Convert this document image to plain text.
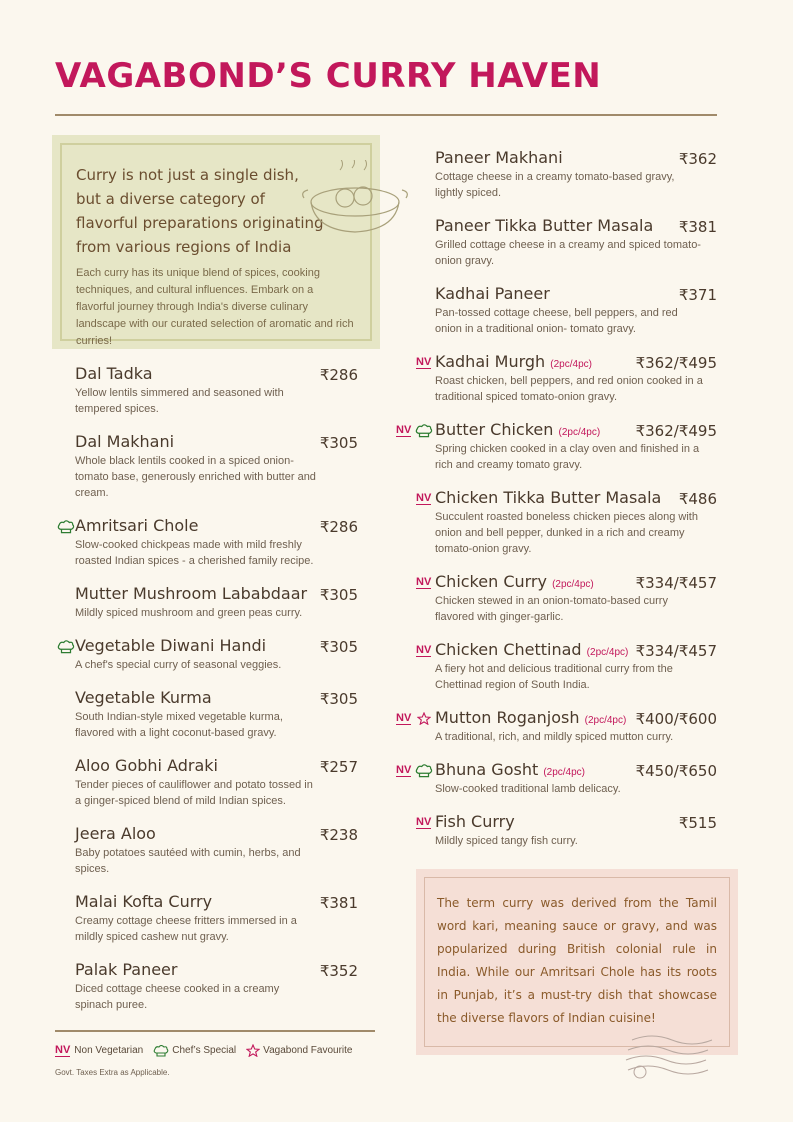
VAGABOND’S CURRY HAVEN
Curry is not just a single dish, but a diverse category of flavorful preparations originating from various regions of India
Each curry has its unique blend of spices, cooking techniques, and cultural influences. Embark on a flavorful journey through India's diverse culinary landscape with our curated selection of aromatic and rich curries!
Dal Tadka
Yellow lentils simmered and seasoned with tempered spices.
₹286
Dal Makhani
Whole black lentils cooked in a spiced onion-tomato base, generously enriched with butter and cream.
₹305
Amritsari Chole
Slow-cooked chickpeas made with mild freshly roasted Indian spices - a cherished family recipe.
₹286
Mutter Mushroom Lababdaar
Mildly spiced mushroom and green peas curry.
₹305
Vegetable Diwani Handi
A chef's special curry of seasonal veggies.
₹305
Vegetable Kurma
South Indian-style mixed vegetable kurma, flavored with a light coconut-based gravy.
₹305
Aloo Gobhi Adraki
Tender pieces of cauliflower and potato tossed in a ginger-spiced blend of mild Indian spices.
₹257
Jeera Aloo
Baby potatoes sautéed with cumin, herbs, and spices.
₹238
Malai Kofta Curry
Creamy cottage cheese fritters immersed in a mildly spiced cashew nut gravy.
₹381
Palak Paneer
Diced cottage cheese cooked in a creamy spinach puree.
₹352
Paneer Makhani
Cottage cheese in a creamy tomato-based gravy, lightly spiced.
₹362
Paneer Tikka Butter Masala
Grilled cottage cheese in a creamy and spiced tomato-onion gravy.
₹381
Kadhai Paneer
Pan-tossed cottage cheese, bell peppers, and red onion in a traditional onion- tomato gravy.
₹371
Kadhai Murgh (2pc/4pc)
Roast chicken, bell peppers, and red onion cooked in a traditional spiced tomato-onion gravy.
₹362/₹495
NV
Butter Chicken (2pc/4pc)
Spring chicken cooked in a clay oven and finished in a rich and creamy tomato gravy.
₹362/₹495
NV
Chicken Tikka Butter Masala
Succulent roasted boneless chicken pieces along with onion and bell pepper, dunked in a rich and creamy tomato-onion gravy.
₹486
NV
Chicken Curry (2pc/4pc)
Chicken stewed in an onion-tomato-based curry flavored with ginger-garlic.
₹334/₹457
NV
Chicken Chettinad (2pc/4pc)
A fiery hot and delicious traditional curry from the Chettinad region of South India.
₹334/₹457
NV
Mutton Roganjosh (2pc/4pc)
A traditional, rich, and mildly spiced mutton curry.
₹400/₹600
NV
Bhuna Gosht (2pc/4pc)
Slow-cooked traditional lamb delicacy.
₹450/₹650
NV
Fish Curry
Mildly spiced tangy fish curry.
₹515
NV
NV Non Vegetarian	Chef’s Special	Vagabond Favourite
Govt. Taxes Extra as Applicable.
The term curry was derived from the Tamil word kari, meaning sauce or gravy, and was popularized during British colonial rule in India. While our Amritsari Chole has its roots in Punjab, it’s a must-try dish that showcase the diverse flavors of Indian cuisine!
